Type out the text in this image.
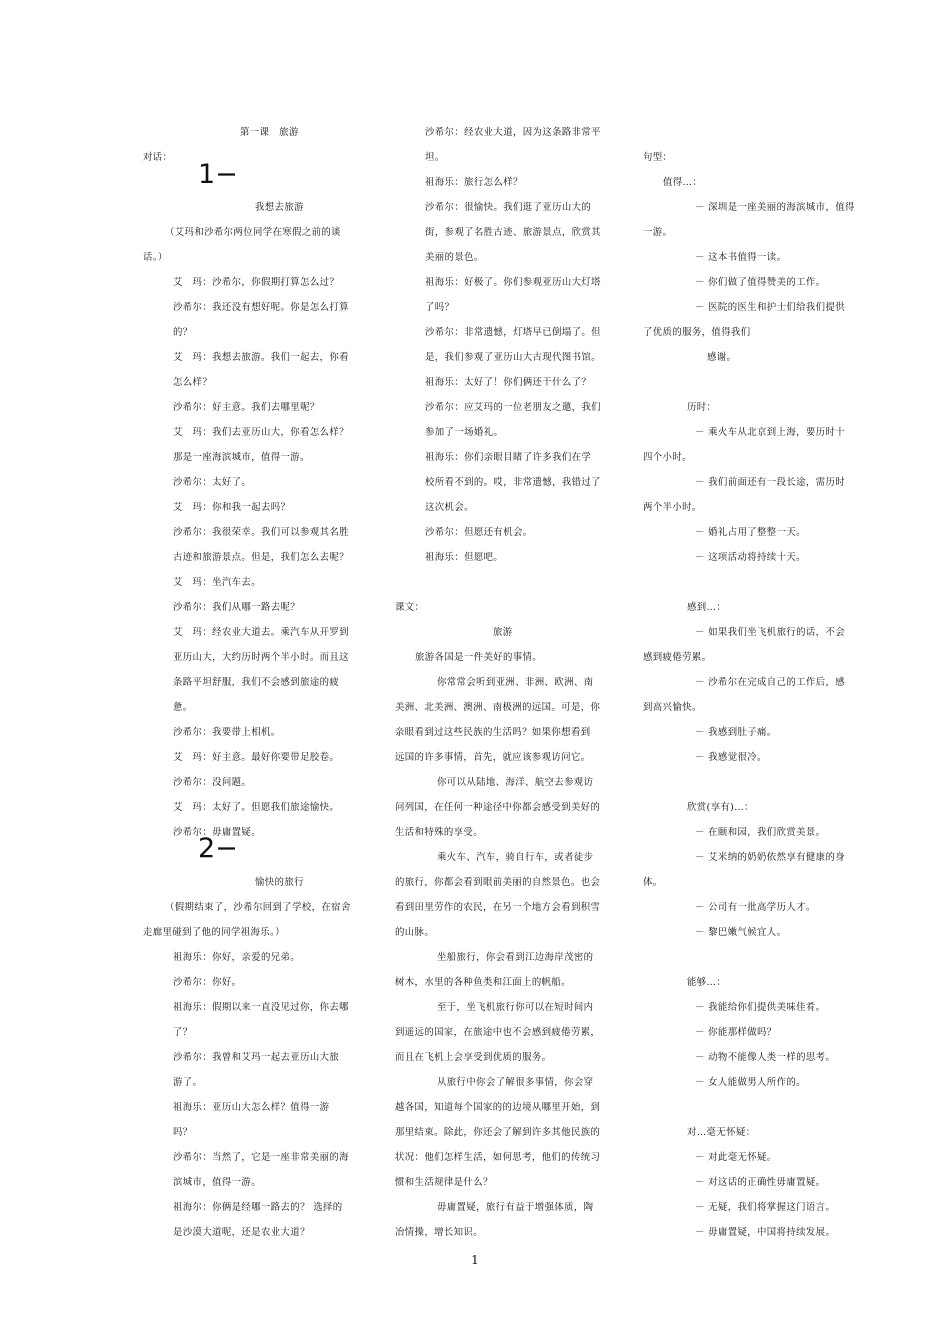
第一课　旅游
对话：
我想去旅游
（艾玛和沙希尔两位同学在寒假之前的谈
话。）
艾　玛：沙希尔，你假期打算怎么过？
沙希尔：我还没有想好呢。你是怎么打算
的？
艾　玛：我想去旅游。我们一起去，你看
怎么样？
沙希尔：好主意。我们去哪里呢？
艾　玛：我们去亚历山大，你看怎么样？
那是一座海滨城市，值得一游。
沙希尔：太好了。
艾　玛：你和我一起去吗？
沙希尔：我很荣幸。我们可以参观其名胜
古迹和旅游景点。但是，我们怎么去呢？
艾　玛：坐汽车去。
沙希尔：我们从哪一路去呢？
艾　玛：经农业大道去。乘汽车从开罗到
亚历山大，大约历时两个半小时。而且这
条路平坦舒服，我们不会感到旅途的疲
惫。
沙希尔：我要带上相机。
艾　玛：好主意。最好你要带足胶卷。
沙希尔：没问题。
艾　玛：太好了。但愿我们旅途愉快。
沙希尔：毋庸置疑。
愉快的旅行
（假期结束了，沙希尔回到了学校，在宿舍
走廊里碰到了他的同学祖海乐。）
祖海乐：你好，亲爱的兄弟。
沙希尔：你好。
祖海乐：假期以来一直没见过你，你去哪
了？
沙希尔：我曾和艾玛一起去亚历山大旅
游了。
祖海乐：亚历山大怎么样？值得一游
吗？
沙希尔：当然了，它是一座非常美丽的海
滨城市，值得一游。
祖海尔：你俩是经哪一路去的？ 选择的
是沙漠大道呢，还是农业大道？
1−
2−
沙希尔：经农业大道，因为这条路非常平
坦。
祖海乐：旅行怎么样？
沙希尔：很愉快。我们逛了亚历山大的
街，参观了名胜古迹、旅游景点，欣赏其
美丽的景色。
祖海乐：好极了。你们参观亚历山大灯塔
了吗？
沙希尔：非常遗憾，灯塔早已倒塌了。但
是，我们参观了亚历山大古现代图书馆。
祖海乐：太好了！你们俩还干什么了？
沙希尔：应艾玛的一位老朋友之邀，我们
参加了一场婚礼。
祖海乐：你们亲眼目睹了许多我们在学
校所看不到的。哎，非常遗憾，我错过了
这次机会。
沙希尔：但愿还有机会。
祖海乐：但愿吧。
课文：
旅游
旅游各国是一件美好的事情。
你常常会听到亚洲、非洲、欧洲、南
美洲、北美洲、澳洲、南极洲的远国。可是，你
亲眼看到过这些民族的生活吗？如果你想看到
远国的许多事情，首先，就应该参观访问它。
你可以从陆地、海洋、航空去参观访
问列国，在任何一种途径中你都会感受到美好的
生活和特殊的享受。
乘火车、汽车，骑自行车，或者徒步
的旅行，你都会看到眼前美丽的自然景色。也会
看到田里劳作的农民，在另一个地方会看到积雪
的山脉。
坐船旅行，你会看到江边海岸茂密的
树木，水里的各种鱼类和江面上的帆船。
至于，坐飞机旅行你可以在短时间内
到遥远的国家，在旅途中也不会感到疲倦劳累，
而且在飞机上会享受到优质的服务。
从旅行中你会了解很多事情，你会穿
越各国，知道每个国家的的边境从哪里开始，到
那里结束。除此，你还会了解到许多其他民族的
状况：他们怎样生活，如何思考，他们的传统习
惯和生活规律是什么？
毋庸置疑，旅行有益于增强体质，陶
冶情操，增长知识。
句型：
值得…：
－ 深圳是一座美丽的海滨城市，值得
一游。
－ 这本书值得一读。
－ 你们做了值得赞美的工作。
－ 医院的医生和护士们给我们提供
了优质的服务，值得我们
感谢。
历时：
－ 乘火车从北京到上海，要历时十
四个小时。
－ 我们前面还有一段长途，需历时
两个半小时。
－ 婚礼占用了整整一天。
－ 这项活动将持续十天。
感到…：
－ 如果我们坐飞机旅行的话，不会
感到疲倦劳累。
－ 沙希尔在完成自己的工作后，感
到高兴愉快。
－ 我感到肚子痛。
－ 我感觉很冷。
欣赏(享有)…：
－ 在颐和园，我们欣赏美景。
－ 艾米纳的奶奶依然享有健康的身
体。
－ 公司有一批高学历人才。
－ 黎巴嫩气候宜人。
能够…：
－ 我能给你们提供美味佳肴。
－ 你能那样做吗？
－ 动物不能像人类一样的思考。
－ 女人能做男人所作的。
对…毫无怀疑：
－ 对此毫无怀疑。
－ 对这话的正确性毋庸置疑。
－ 无疑，我们将掌握这门语言。
－ 毋庸置疑，中国将持续发展。
1
